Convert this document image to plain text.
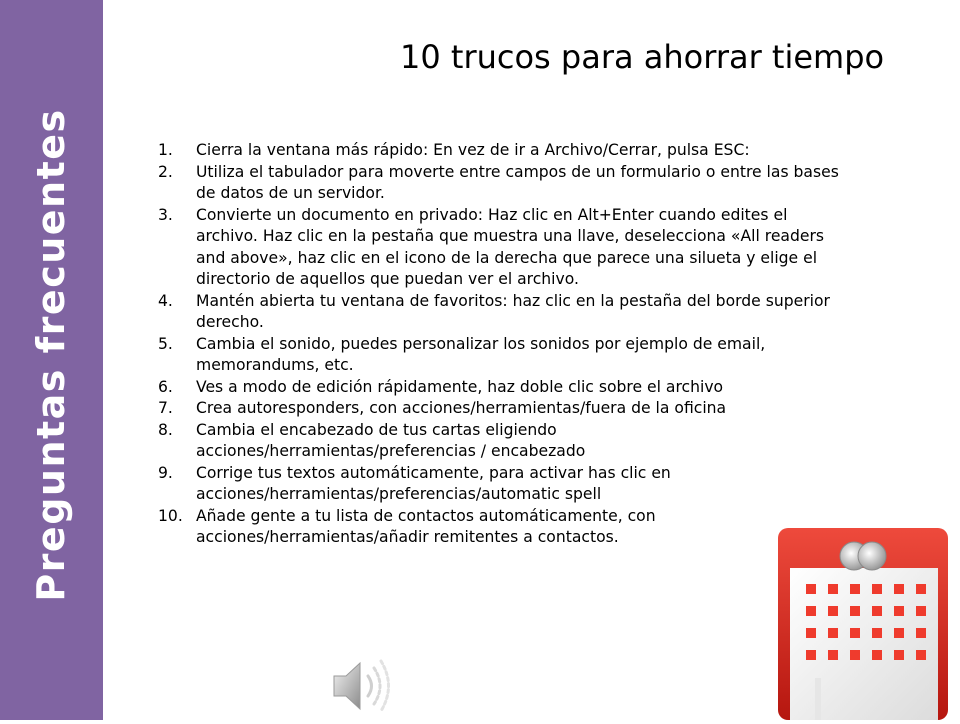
Preguntas frecuentes
10 trucos para ahorrar tiempo
1. Cierra la ventana más rápido: En vez de ir a Archivo/Cerrar, pulsa ESC:
2. Utiliza el tabulador para moverte entre campos de un formulario o entre las bases
de datos de un servidor.
3. Convierte un documento en privado: Haz clic en Alt+Enter cuando edites el
archivo. Haz clic en la pestaña que muestra una llave, deselecciona «All readers
and above», haz clic en el icono de la derecha que parece una silueta y elige el
directorio de aquellos que puedan ver el archivo.
4. Mantén abierta tu ventana de favoritos: haz clic en la pestaña del borde superior
derecho.
5. Cambia el sonido, puedes personalizar los sonidos por ejemplo de email,
memorandums, etc.
6. Ves a modo de edición rápidamente, haz doble clic sobre el archivo
7. Crea autoresponders, con acciones/herramientas/fuera de la oficina
8. Cambia el encabezado de tus cartas eligiendo
acciones/herramientas/preferencias / encabezado
9. Corrige tus textos automáticamente, para activar has clic en
acciones/herramientas/preferencias/automatic spell
10. Añade gente a tu lista de contactos automáticamente, con
acciones/herramientas/añadir remitentes a contactos.
